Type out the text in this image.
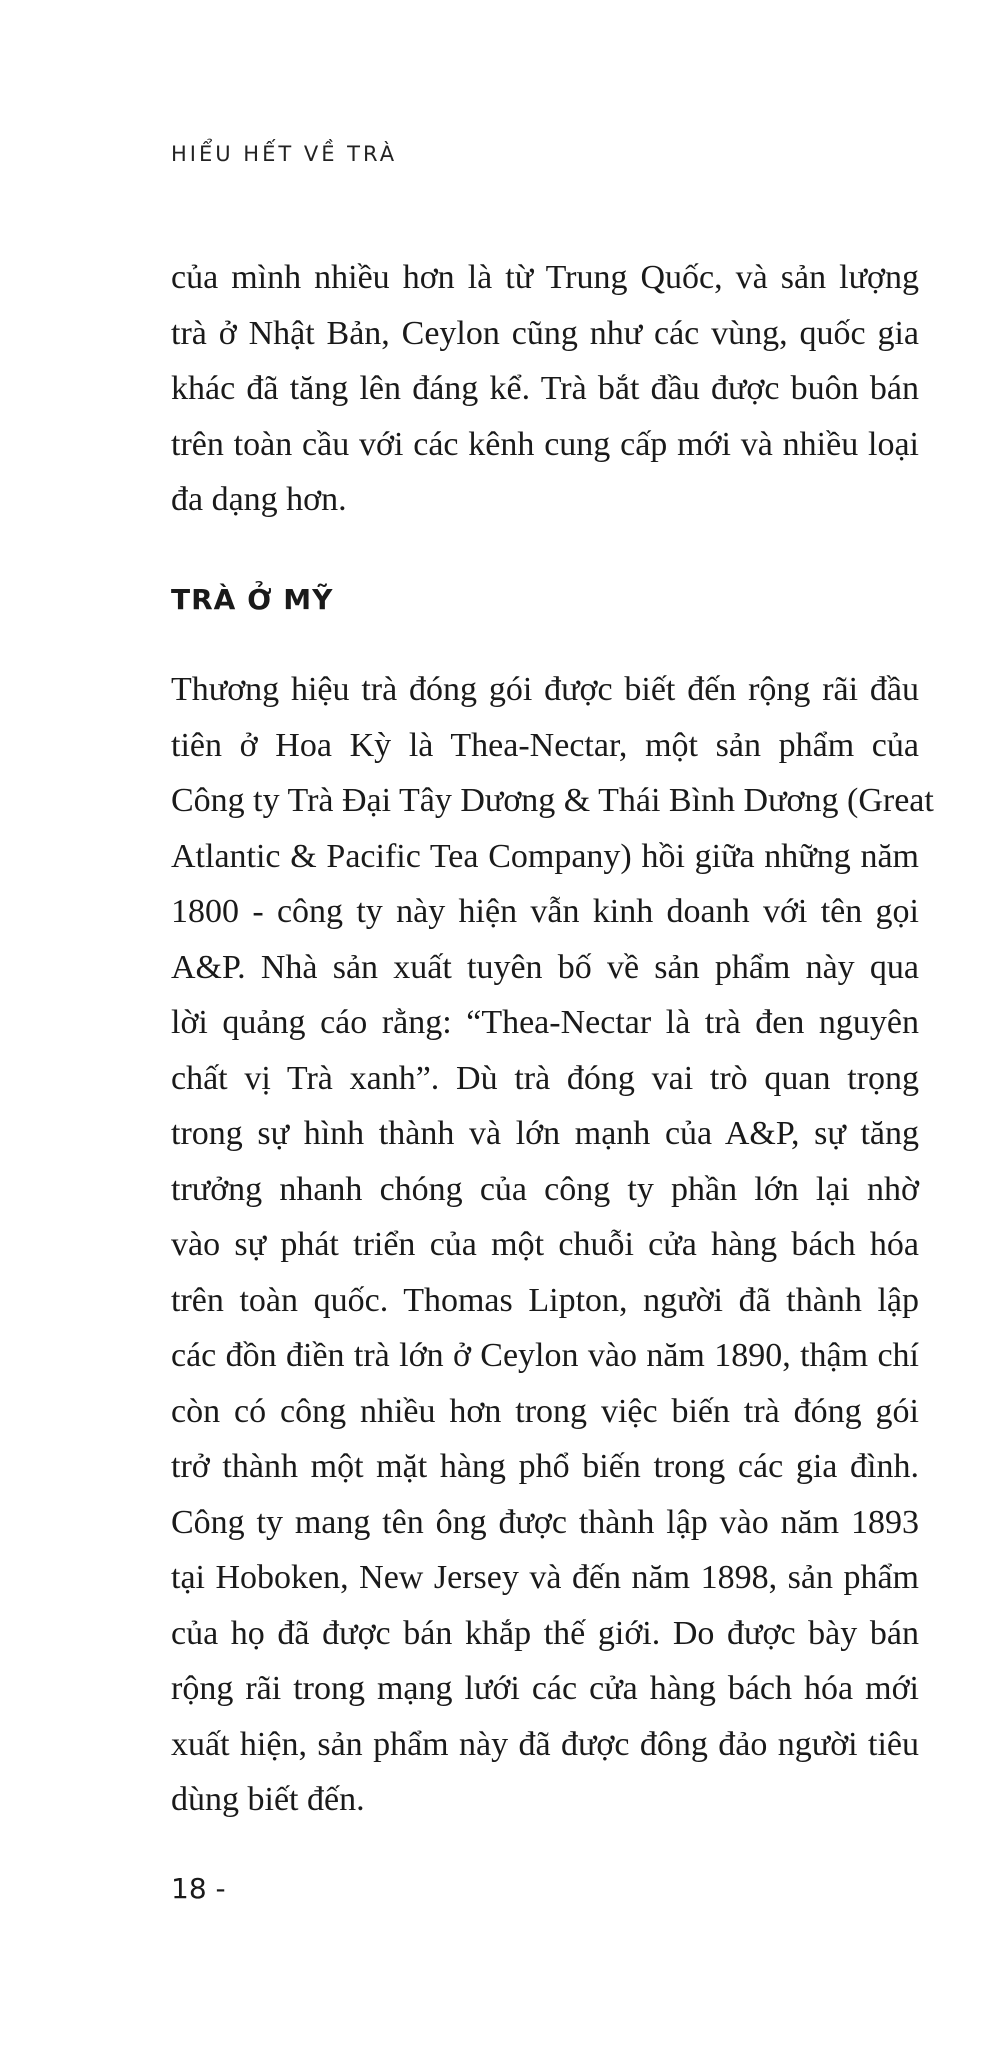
HIỂU HẾT VỀ TRÀ

của mình nhiều hơn là từ Trung Quốc, và sản lượng
trà ở Nhật Bản, Ceylon cũng như các vùng, quốc gia
khác đã tăng lên đáng kể. Trà bắt đầu được buôn bán
trên toàn cầu với các kênh cung cấp mới và nhiều loại
đa dạng hơn.

TRÀ Ở MỸ

Thương hiệu trà đóng gói được biết đến rộng rãi đầu
tiên ở Hoa Kỳ là Thea-Nectar, một sản phẩm của
Công ty Trà Đại Tây Dương & Thái Bình Dương (Great
Atlantic & Pacific Tea Company) hồi giữa những năm
1800 - công ty này hiện vẫn kinh doanh với tên gọi
A&P. Nhà sản xuất tuyên bố về sản phẩm này qua
lời quảng cáo rằng: “Thea-Nectar là trà đen nguyên
chất vị Trà xanh”. Dù trà đóng vai trò quan trọng
trong sự hình thành và lớn mạnh của A&P, sự tăng
trưởng nhanh chóng của công ty phần lớn lại nhờ
vào sự phát triển của một chuỗi cửa hàng bách hóa
trên toàn quốc. Thomas Lipton, người đã thành lập
các đồn điền trà lớn ở Ceylon vào năm 1890, thậm chí
còn có công nhiều hơn trong việc biến trà đóng gói
trở thành một mặt hàng phổ biến trong các gia đình.
Công ty mang tên ông được thành lập vào năm 1893
tại Hoboken, New Jersey và đến năm 1898, sản phẩm
của họ đã được bán khắp thế giới. Do được bày bán
rộng rãi trong mạng lưới các cửa hàng bách hóa mới
xuất hiện, sản phẩm này đã được đông đảo người tiêu
dùng biết đến.

18 -
